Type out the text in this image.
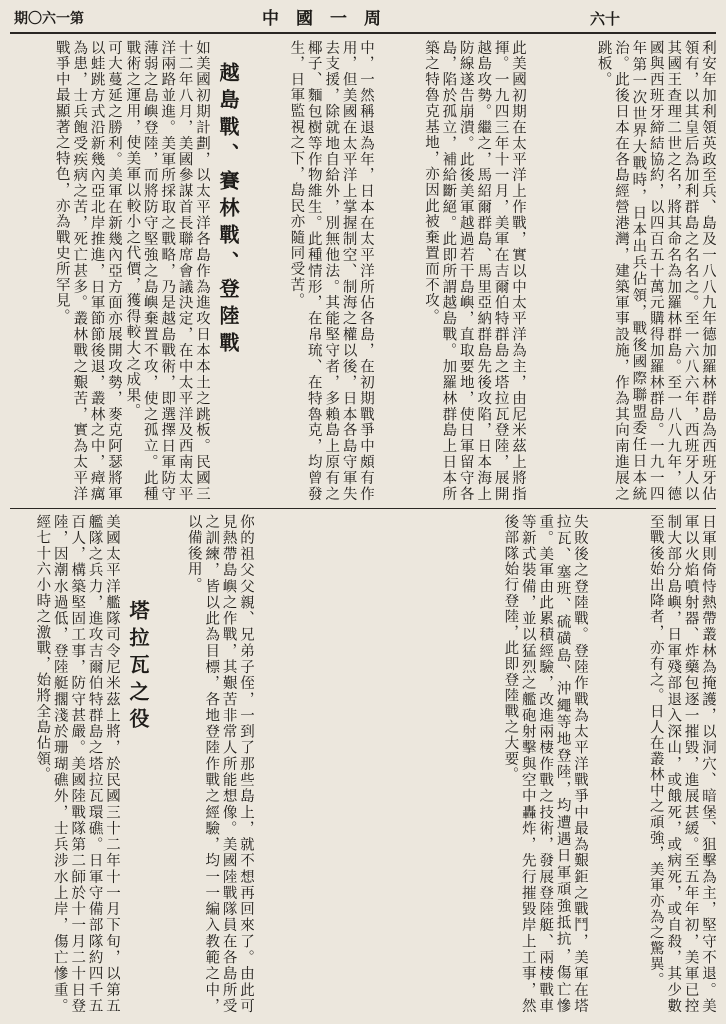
六十
中　國　一　周
期〇六一第
利安年加利領英政至兵、島及一八八九年德加羅林群島為西班牙佔領有，以其皇后為加利群島之名名之。至一六八六年，西班牙人以其國王查理二世之名，將其命名為加羅林群島。至一八八九年，德國與西班牙締結協約，以四百五十萬元購得加羅林群島。一九一四年第一次世界大戰時，日本出兵佔領，戰後國際聯盟委任日本統治。此後日本在各島經營港灣，建築軍事設施，作為其向南進展之跳板。
此美國初期在太平洋上作戰，實以中太平洋為主，由尼米茲上將指揮。一九四三年十一月，美軍在吉爾伯特群島之塔拉瓦登陸，展開越島攻勢。繼之，馬紹爾群島、馬里亞納群島先後攻陷，日本海上防線遂告崩潰。此後美軍越過若干島嶼，直取要地，使日軍留守各島，陷於孤立，補給斷絕。此即所謂越島戰。加羅林群島上日本所築之特魯克基地，亦因此被棄置而不攻。
中，一然稱退為年，日本在太平洋所佔各島，在初期戰爭中頗有作用，但美國在太平洋上掌握制空、制海之權以後，日本各島守軍失去支援，除就地自給外，別無他法。其能堅守者，多賴島上原有之椰子、麵包樹等作物維生。此種情形，在帛琉、在特魯克，均曾發生，日軍監視之下，島民亦隨同受苦。
越島戰、賽林戰、登陸戰
如美國初期計劃，以太平洋各島作為進攻日本本土之跳板。民國三十二年八月，美國參謀首長聯席會議決定，在中太平洋及西南太平洋兩路並進。美軍所採取之戰略，乃是越島戰術，即選擇日軍防守薄弱之島嶼登陸，而將防守堅強之島嶼棄置不攻，使之孤立。此種戰術之運用，使美軍以較小之代價，獲得較大之成果。
可大蔓延之勝利。美軍在新幾內亞方面亦展開攻勢，麥克阿瑟將軍以蛙跳方式沿新幾內亞北岸推進，日軍節節後退，叢林之中，瘴癘為患，士兵飽受疾病之苦，死亡甚多。叢林戰之艱苦，實為太平洋戰爭中最顯著之特色，亦為戰史所罕見。
日軍則倚恃熱帶叢林為掩護，以洞穴、暗堡、狙擊為主，堅守不退。美軍以火焰噴射器、炸藥包逐一摧毀，進展甚緩。至五年年初，美軍已控制大部分島嶼，日軍殘部退入深山，或餓死，或病死，或自殺，其少數至戰後始出降者，亦有之。日人在叢林中之頑強，美軍亦為之驚異。
失敗後之登陸戰。登陸作戰為太平洋戰爭中最為艱鉅之戰鬥，美軍在塔拉瓦、塞班、硫磺島、沖繩等地登陸，均遭遇日軍頑強抵抗，傷亡慘重。美軍由此累積經驗，改進兩棲作戰之技術，發展登陸艇、兩棲戰車等新式裝備，並以猛烈之艦砲射擊與空中轟炸，先行摧毀岸上工事，然後部隊始行登陸，此即登陸戰之大要。
你的祖父父親、兄弟子侄，一到了那些島上，就不想再回來了。由此可見熱帶島嶼之作戰，其艱苦非常人所能想像。美國陸戰隊員在各島所受之訓練，皆以此為目標，各地登陸作戰之經驗，均一一編入教範之中，以備後用。
塔拉瓦之役
美國太平洋艦隊司令尼米茲上將，於民國三十二年十一月下旬，以第五艦隊之兵力，進攻吉爾伯特群島之塔拉瓦環礁。日軍守備部隊約四千五百人，構築堅固工事，防守甚嚴。美國陸戰隊第二師於十一月二十日登陸，因潮水過低，登陸艇擱淺於珊瑚礁外，士兵涉水上岸，傷亡慘重。經七十六小時之激戰，始將全島佔領。
